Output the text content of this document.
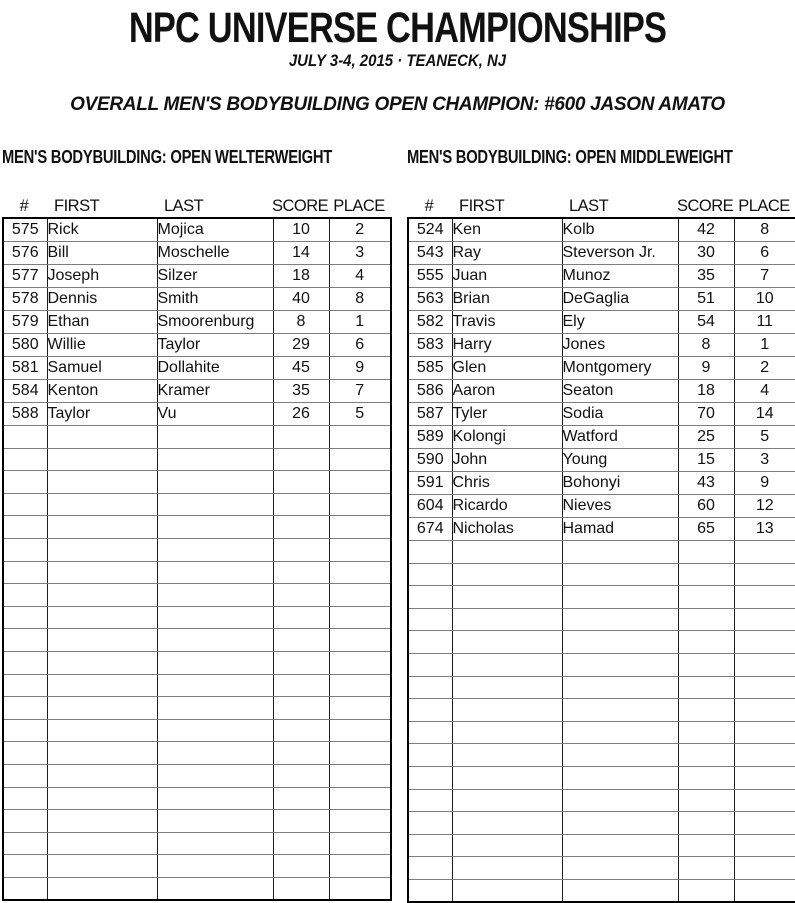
NPC UNIVERSE CHAMPIONSHIPS
JULY 3-4, 2015 · TEANECK, NJ
OVERALL MEN'S BODYBUILDING OPEN CHAMPION: #600 JASON AMATO
MEN'S BODYBUILDING: OPEN WELTERWEIGHT
#	FIRST	LAST	SCORE PLACE
575	Rick	Mojica	10	2
576	Bill	Moschelle	14	3
577	Joseph	Silzer	18	4
578	Dennis	Smith	40	8
579	Ethan	Smoorenburg	8	1
580	Willie	Taylor	29	6
581	Samuel	Dollahite	45	9
584	Kenton	Kramer	35	7
588	Taylor	Vu	26	5

MEN'S BODYBUILDING: OPEN MIDDLEWEIGHT
#	FIRST	LAST	SCORE PLACE
524	Ken	Kolb	42	8
543	Ray	Steverson Jr.	30	6
555	Juan	Munoz	35	7
563	Brian	DeGaglia	51	10
582	Travis	Ely	54	11
583	Harry	Jones	8	1
585	Glen	Montgomery	9	2
586	Aaron	Seaton	18	4
587	Tyler	Sodia	70	14
589	Kolongi	Watford	25	5
590	John	Young	15	3
591	Chris	Bohonyi	43	9
604	Ricardo	Nieves	60	12
674	Nicholas	Hamad	65	13
